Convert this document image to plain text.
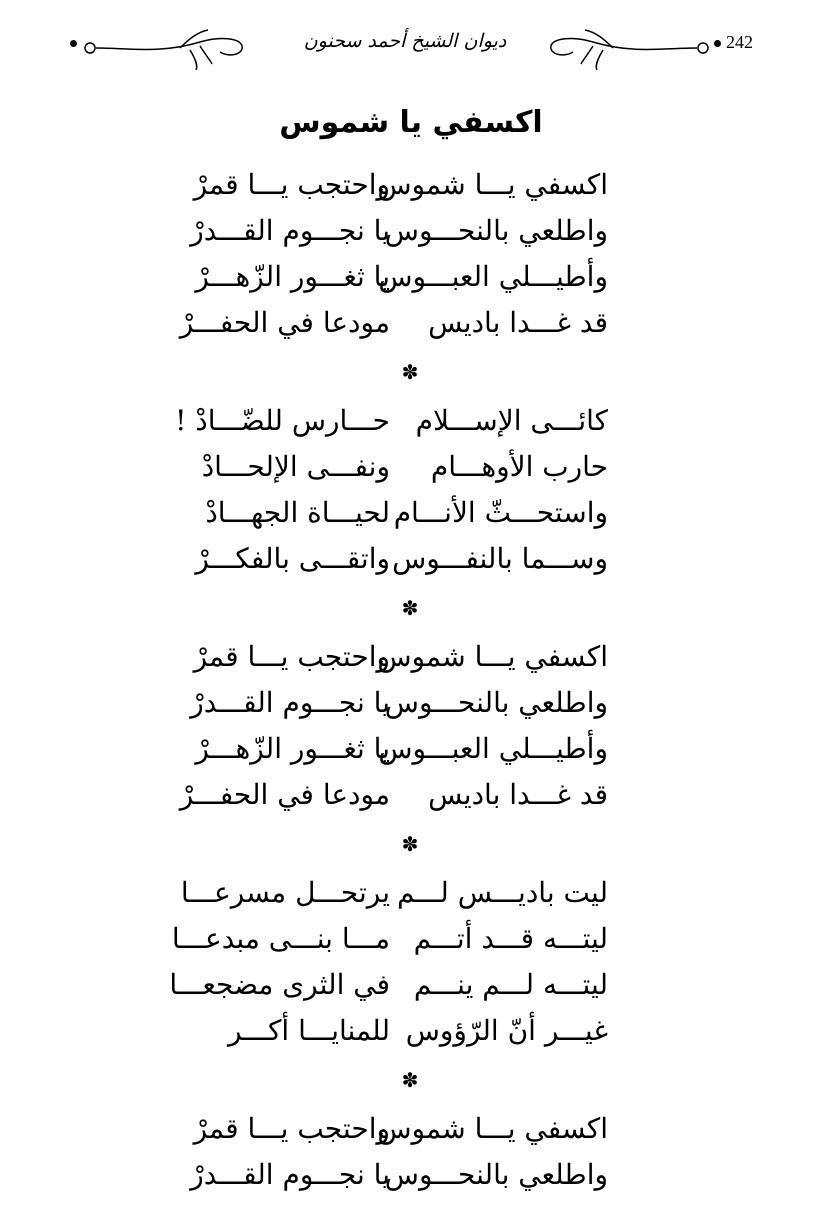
ديوان الشيخ أحمد سحنون	242
اكسفي يا شموس
اكسفي يـــا شموس
واحتجب يـــا قمرْ
واطلعي بالنحـــوس
يا نجـــوم القـــدرْ
وأطيـــلي العبـــوس
يا ثغـــور الزّهـــرْ
قد غـــدا باديس
مودعا في الحفـــرْ
✽
كائـــى الإســـلام
حـــارس للضّـــادْ !
حارب الأوهـــام
ونفـــى الإلحـــادْ
واستحـــثّ الأنـــام
لحيـــاة الجهـــادْ
وســـما بالنفـــوس
واتقـــى بالفكـــرْ
✽
اكسفي يـــا شموس
واحتجب يـــا قمرْ
واطلعي بالنحـــوس
يا نجـــوم القـــدرْ
وأطيـــلي العبـــوس
يا ثغـــور الزّهـــرْ
قد غـــدا باديس
مودعا في الحفـــرْ
✽
ليت باديـــس لـــم
يرتحـــل مسرعـــا
ليتـــه قـــد أتـــم
مـــا بنـــى مبدعـــا
ليتـــه لـــم ينـــم
في الثرى مضجعـــا
غيـــر أنّ الرّؤوس
للمنايـــا أكـــر
✽
اكسفي يـــا شموس
واحتجب يـــا قمرْ
واطلعي بالنحـــوس
يا نجـــوم القـــدرْ
